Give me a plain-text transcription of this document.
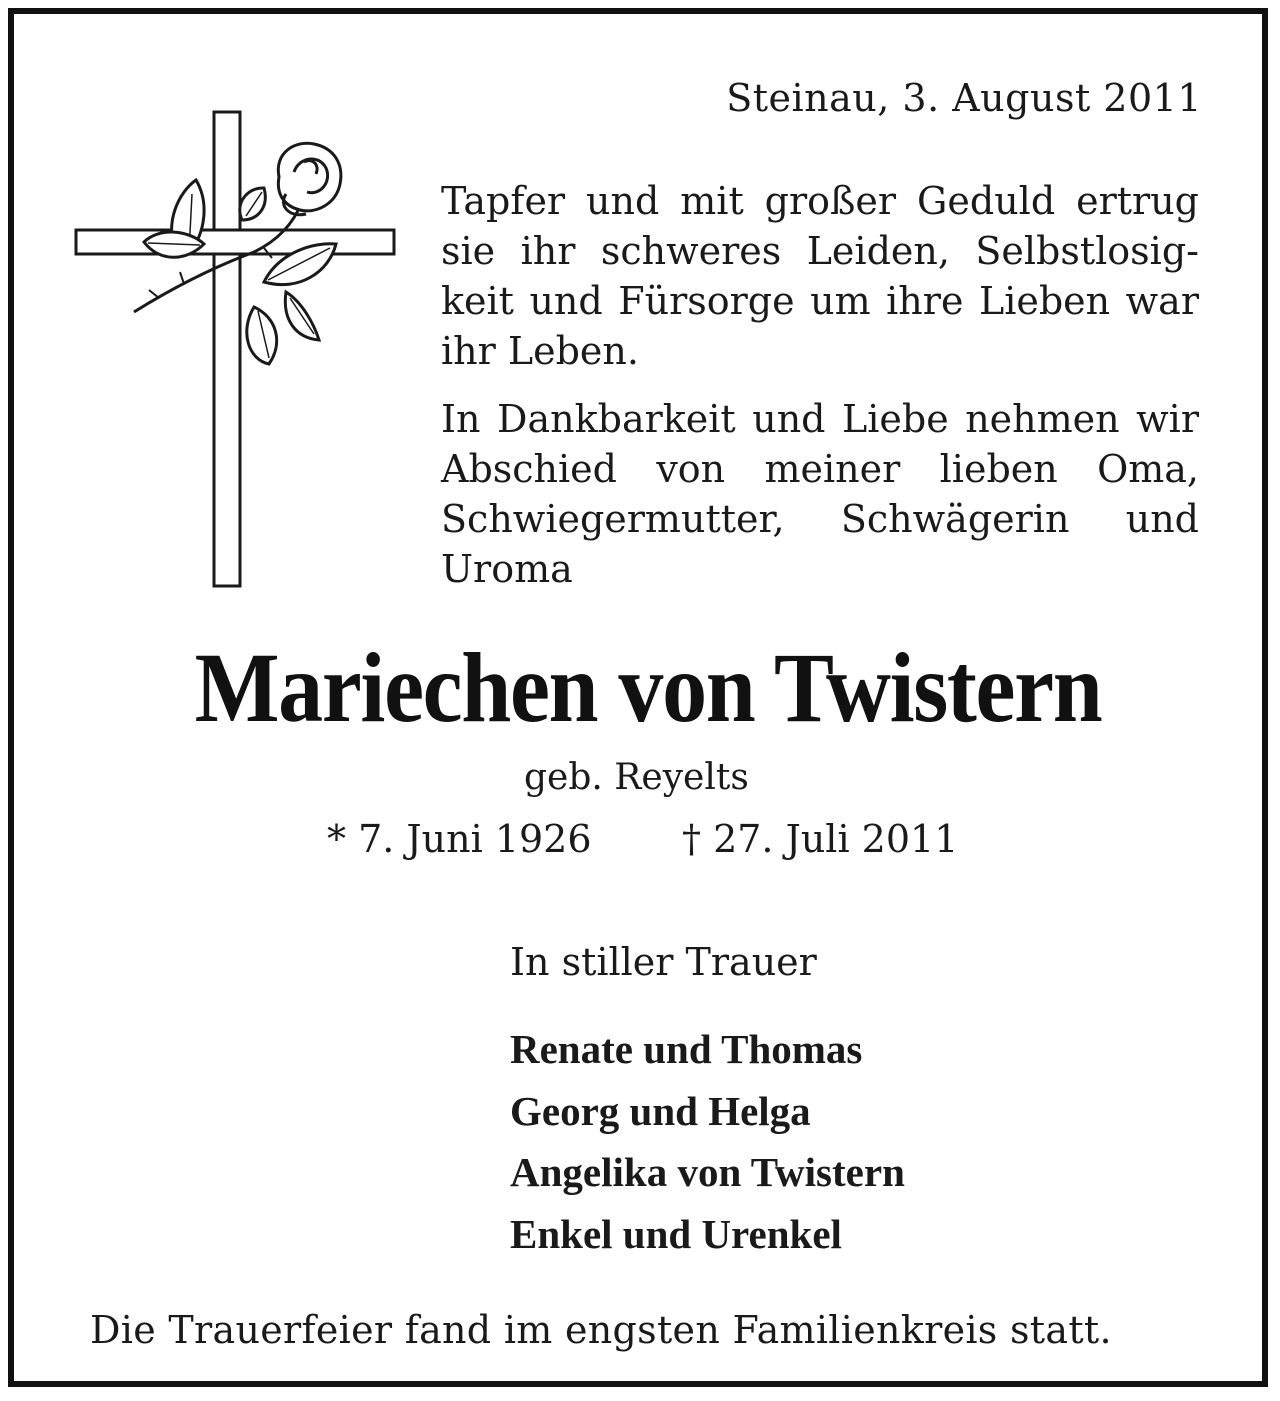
Steinau, 3. August 2011
Tapfer und mit großer Geduld ertrug
sie ihr schweres Leiden, Selbstlosig-
keit und Fürsorge um ihre Lieben war
ihr Leben.
In Dankbarkeit und Liebe nehmen wir
Abschied von meiner lieben Oma,
Schwiegermutter, Schwägerin und
Uroma
Mariechen von Twistern
geb. Reyelts
* 7. Juni 1926 † 27. Juli 2011
In stiller Trauer
Renate und Thomas
Georg und Helga
Angelika von Twistern
Enkel und Urenkel
Die Trauerfeier fand im engsten Familienkreis statt.
